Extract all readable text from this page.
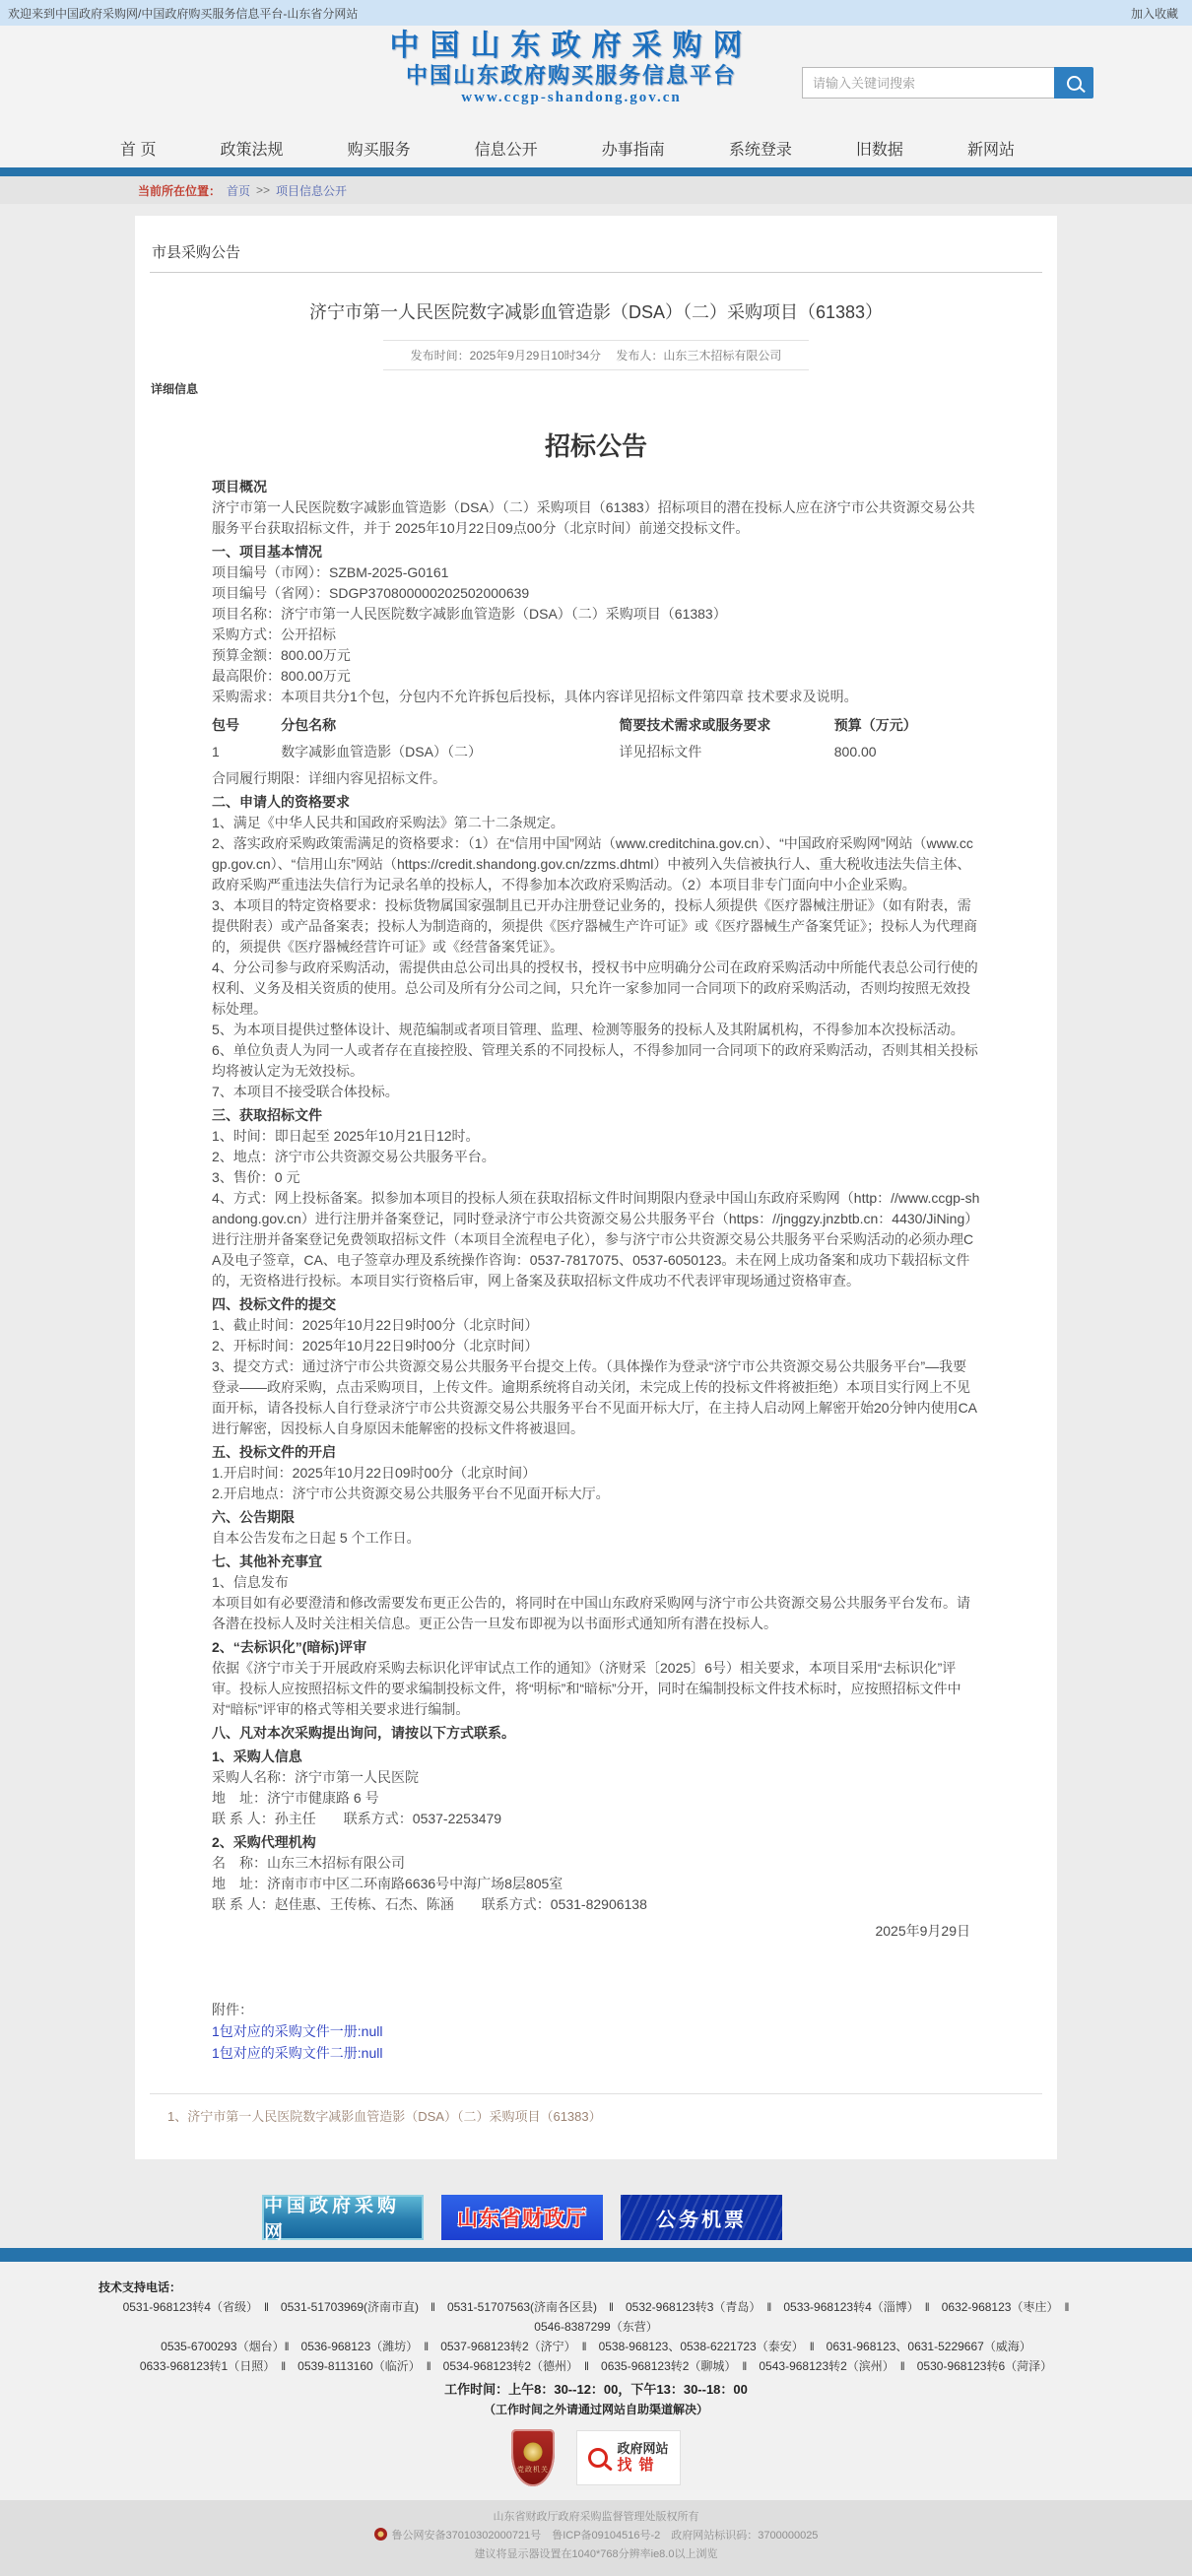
欢迎来到中国政府采购网/中国政府购买服务信息平台-山东省分网站	加入收藏
中国山东政府采购网
中国山东政府购买服务信息平台
www.ccgp-shandong.gov.cn
请输入关键词搜索
首 页	政策法规	购买服务	信息公开	办事指南	系统登录	旧数据	新网站
当前所在位置： 首页 >> 项目信息公开
市县采购公告
济宁市第一人民医院数字减影血管造影（DSA）（二）采购项目（61383）
发布时间：2025年9月29日10时34分　 发布人：山东三木招标有限公司
详细信息
招标公告

项目概况

济宁市第一人民医院数字减影血管造影（DSA）（二）采购项目（61383）招标项目的潜在投标人应在济宁市公共资源交易公共服务平台获取招标文件，并于 2025年10月22日09点00分（北京时间）前递交投标文件。

一、项目基本情况

项目编号（市网）：SZBM-2025-G0161

项目编号（省网）：SDGP370800000202502000639

项目名称：济宁市第一人民医院数字减影血管造影（DSA）（二）采购项目（61383）

采购方式：公开招标

预算金额：800.00万元

最高限价：800.00万元

采购需求：本项目共分1个包，分包内不允许拆包后投标，具体内容详见招标文件第四章 技术要求及说明。

包号	分包名称	简要技术需求或服务要求	预算（万元）
1	数字减影血管造影（DSA）（二）	详见招标文件	800.00

合同履行期限：详细内容见招标文件。

二、申请人的资格要求

1、满足《中华人民共和国政府采购法》第二十二条规定。

2、落实政府采购政策需满足的资格要求：（1）在“信用中国”网站（www.creditchina.gov.cn）、“中国政府采购网”网站（www.ccgp.gov.cn）、“信用山东”网站（https://credit.shandong.gov.cn/zzms.dhtml）中被列入失信被执行人、重大税收违法失信主体、政府采购严重违法失信行为记录名单的投标人，不得参加本次政府采购活动。（2）本项目非专门面向中小企业采购。

3、本项目的特定资格要求：投标货物属国家强制且已开办注册登记业务的，投标人须提供《医疗器械注册证》（如有附表，需提供附表）或产品备案表；投标人为制造商的，须提供《医疗器械生产许可证》或《医疗器械生产备案凭证》；投标人为代理商的，须提供《医疗器械经营许可证》或《经营备案凭证》。

4、分公司参与政府采购活动，需提供由总公司出具的授权书，授权书中应明确分公司在政府采购活动中所能代表总公司行使的权利、义务及相关资质的使用。总公司及所有分公司之间，只允许一家参加同一合同项下的政府采购活动，否则均按照无效投标处理。

5、为本项目提供过整体设计、规范编制或者项目管理、监理、检测等服务的投标人及其附属机构，不得参加本次投标活动。

6、单位负责人为同一人或者存在直接控股、管理关系的不同投标人，不得参加同一合同项下的政府采购活动，否则其相关投标均将被认定为无效投标。

7、本项目不接受联合体投标。

三、获取招标文件

1、时间：即日起至 2025年10月21日12时。

2、地点：济宁市公共资源交易公共服务平台。

3、售价：0 元

4、方式：网上投标备案。拟参加本项目的投标人须在获取招标文件时间期限内登录中国山东政府采购网（http：//www.ccgp-shandong.gov.cn）进行注册并备案登记，同时登录济宁市公共资源交易公共服务平台（https：//jnggzy.jnzbtb.cn：4430/JiNing）进行注册并备案登记免费领取招标文件（本项目全流程电子化），参与济宁市公共资源交易公共服务平台采购活动的必须办理CA及电子签章，CA、电子签章办理及系统操作咨询：0537-7817075、0537-6050123。未在网上成功备案和成功下载招标文件的，无资格进行投标。本项目实行资格后审，网上备案及获取招标文件成功不代表评审现场通过资格审查。

四、投标文件的提交

1、截止时间：2025年10月22日9时00分（北京时间）

2、开标时间：2025年10月22日9时00分（北京时间）

3、提交方式：通过济宁市公共资源交易公共服务平台提交上传。（具体操作为登录“济宁市公共资源交易公共服务平台”—我要登录——政府采购，点击采购项目，上传文件。逾期系统将自动关闭，未完成上传的投标文件将被拒绝）本项目实行网上不见面开标，请各投标人自行登录济宁市公共资源交易公共服务平台不见面开标大厅，在主持人启动网上解密开始20分钟内使用CA进行解密，因投标人自身原因未能解密的投标文件将被退回。

五、投标文件的开启

1.开启时间：2025年10月22日09时00分（北京时间）

2.开启地点：济宁市公共资源交易公共服务平台不见面开标大厅。

六、公告期限

自本公告发布之日起 5 个工作日。

七、其他补充事宜

1、信息发布

本项目如有必要澄清和修改需要发布更正公告的，将同时在中国山东政府采购网与济宁市公共资源交易公共服务平台发布。请各潜在投标人及时关注相关信息。更正公告一旦发布即视为以书面形式通知所有潜在投标人。

2、“去标识化”(暗标)评审

依据《济宁市关于开展政府采购去标识化评审试点工作的通知》（济财采〔2025〕6号）相关要求，本项目采用“去标识化”评审。投标人应按照招标文件的要求编制投标文件，将“明标”和“暗标”分开，同时在编制投标文件技术标时，应按照招标文件中对“暗标”评审的格式等相关要求进行编制。

八、凡对本次采购提出询问，请按以下方式联系。

1、采购人信息

采购人名称：济宁市第一人民医院

地　址：济宁市健康路 6 号

联 系 人：孙主任　　联系方式：0537-2253479

2、采购代理机构

名　称：山东三木招标有限公司

地　址：济南市市中区二环南路6636号中海广场8层805室

联 系 人：赵佳惠、王传栋、石杰、陈涵　　联系方式：0531-82906138

2025年9月29日

附件：
1包对应的采购文件一册:null
1包对应的采购文件二册:null
1、济宁市第一人民医院数字减影血管造影（DSA）（二）采购项目（61383）
中国政府采购网
山东省财政厅	公务机票
技术支持电话：
0531-968123转4（省级）　‖　0531-51703969(济南市直)　‖　0531-51707563(济南各区县)　‖　0532-968123转3（青岛）　‖　0533-968123转4（淄博）　‖　0632-968123（枣庄）　‖
0546-8387299（东营）
0535-6700293（烟台）‖　0536-968123（潍坊）　‖　0537-968123转2（济宁）　‖　0538-968123、0538-6221723（泰安）　‖　0631-968123、0631-5229667（威海）
0633-968123转1（日照）　‖　0539-8113160（临沂）　‖　0534-968123转2（德州）　‖　0635-968123转2（聊城）　‖　0543-968123转2（滨州）　‖　0530-968123转6（菏泽）
工作时间：上午8：30--12：00，下午13：30--18：00
（工作时间之外请通过网站自助渠道解决）
党政机关
政府网站
找错
山东省财政厅政府采购监督管理处版权所有
鲁公网安备37010302000721号　鲁ICP备09104516号-2　政府网站标识码：3700000025
建议将显示器设置在1040*768分辨率ie8.0以上浏览
